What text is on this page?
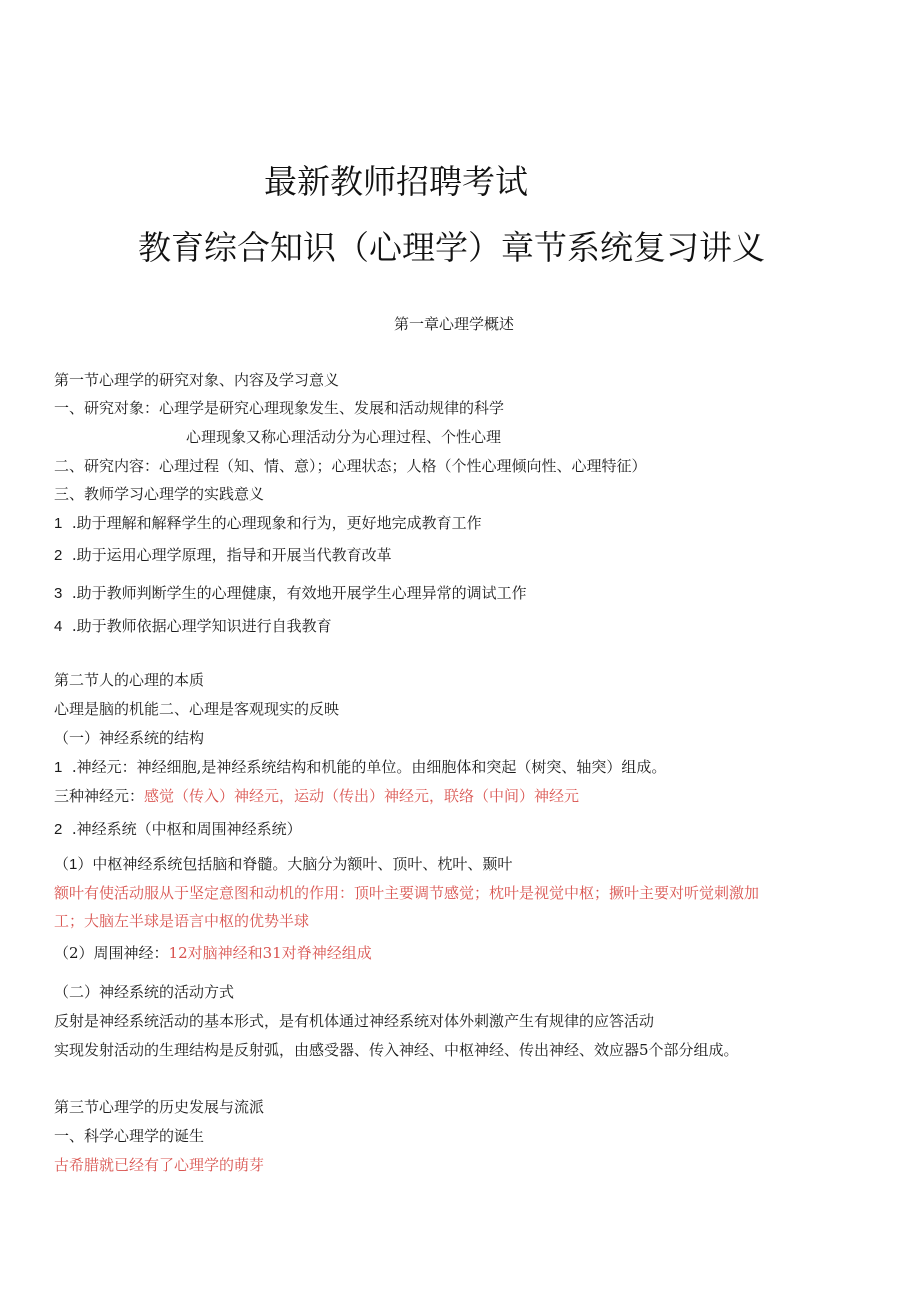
最新教师招聘考试
教育综合知识（心理学）章节系统复习讲义
第一章心理学概述
第一节心理学的研究对象、内容及学习意义
一、研究对象：心理学是研究心理现象发生、发展和活动规律的科学
心理现象又称心理活动分为心理过程、个性心理
二、研究内容：心理过程（知、情、意）；心理状态；人格（个性心理倾向性、心理特征）
三、教师学习心理学的实践意义
1 .助于理解和解释学生的心理现象和行为，更好地完成教育工作
2 .助于运用心理学原理，指导和开展当代教育改革
3 .助于教师判断学生的心理健康，有效地开展学生心理异常的调试工作
4 .助于教师依据心理学知识进行自我教育
第二节人的心理的本质
心理是脑的机能二、心理是客观现实的反映
（一）神经系统的结构
1 .神经元：神经细胞,是神经系统结构和机能的单位。由细胞体和突起（树突、轴突）组成。
三种神经元：感觉（传入）神经元，运动（传出）神经元，联络（中间）神经元
2 .神经系统（中枢和周围神经系统）
（1）中枢神经系统包括脑和脊髓。大脑分为额叶、顶叶、枕叶、颞叶
额叶有使活动服从于坚定意图和动机的作用：顶叶主要调节感觉；枕叶是视觉中枢；撅叶主要对听觉刺激加
工；大脑左半球是语言中枢的优势半球
（2）周围神经：12对脑神经和31对脊神经组成
（二）神经系统的活动方式
反射是神经系统活动的基本形式，是有机体通过神经系统对体外刺激产生有规律的应答活动
实现发射活动的生理结构是反射弧，由感受器、传入神经、中枢神经、传出神经、效应器5个部分组成。
第三节心理学的历史发展与流派
一、科学心理学的诞生
古希腊就已经有了心理学的萌芽
